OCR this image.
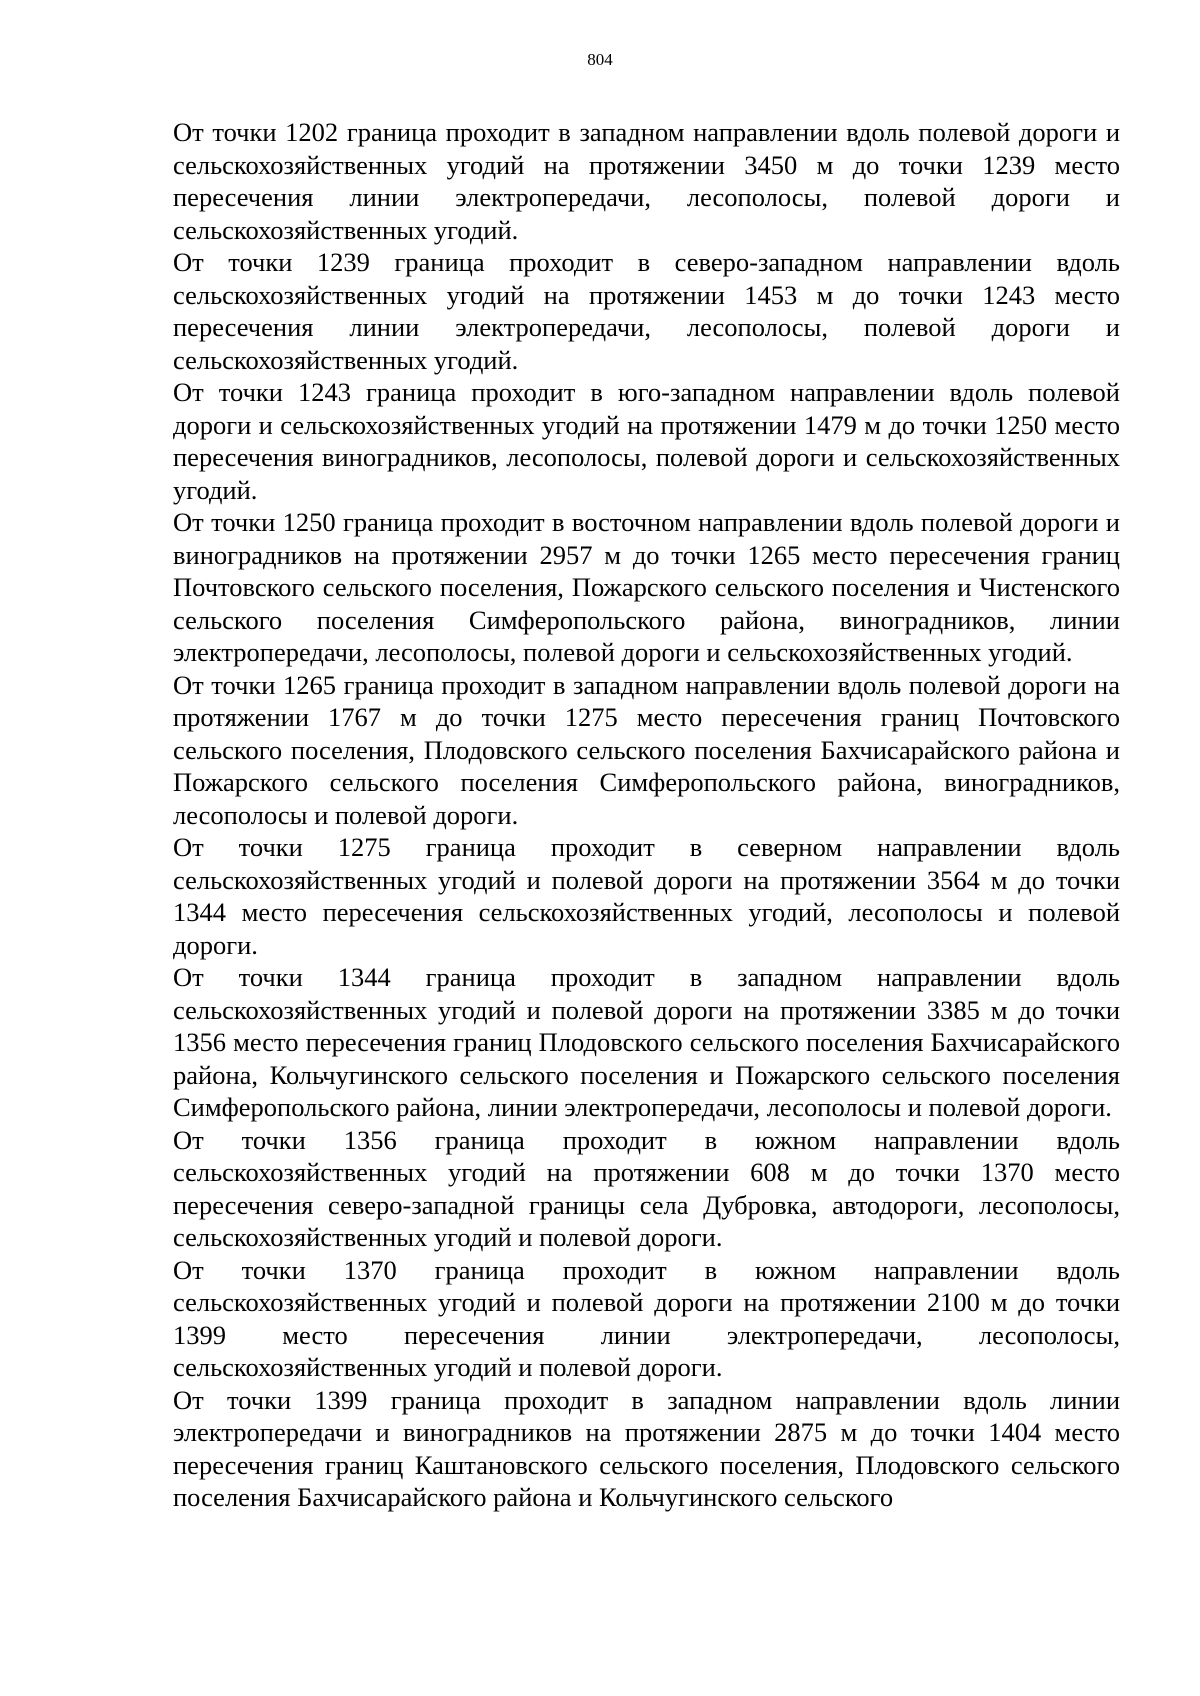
804

От точки 1202 граница проходит в западном направлении вдоль полевой дороги и сельскохозяйственных угодий на протяжении 3450 м до точки 1239 место пересечения линии электропередачи, лесополосы, полевой дороги и сельскохозяйственных угодий.

От точки 1239 граница проходит в северо-западном направлении вдоль сельскохозяйственных угодий на протяжении 1453 м до точки 1243 место пересечения линии электропередачи, лесополосы, полевой дороги и сельскохозяйственных угодий.

От точки 1243 граница проходит в юго-западном направлении вдоль полевой дороги и сельскохозяйственных угодий на протяжении 1479 м до точки 1250 место пересечения виноградников, лесополосы, полевой дороги и сельскохозяйственных угодий.

От точки 1250 граница проходит в восточном направлении вдоль полевой дороги и виноградников на протяжении 2957 м до точки 1265 место пересечения границ Почтовского сельского поселения, Пожарского сельского поселения и Чистенского сельского поселения Симферопольского района, виноградников, линии электропередачи, лесополосы, полевой дороги и сельскохозяйственных угодий.

От точки 1265 граница проходит в западном направлении вдоль полевой дороги на протяжении 1767 м до точки 1275 место пересечения границ Почтовского сельского поселения, Плодовского сельского поселения Бахчисарайского района и Пожарского сельского поселения Симферопольского района, виноградников, лесополосы и полевой дороги.

От точки 1275 граница проходит в северном направлении вдоль сельскохозяйственных угодий и полевой дороги на протяжении 3564 м до точки 1344 место пересечения сельскохозяйственных угодий, лесополосы и полевой дороги.

От точки 1344 граница проходит в западном направлении вдоль сельскохозяйственных угодий и полевой дороги на протяжении 3385 м до точки 1356 место пересечения границ Плодовского сельского поселения Бахчисарайского района, Кольчугинского сельского поселения и Пожарского сельского поселения Симферопольского района, линии электропередачи, лесополосы и полевой дороги.

От точки 1356 граница проходит в южном направлении вдоль сельскохозяйственных угодий на протяжении 608 м до точки 1370 место пересечения северо-западной границы села Дубровка, автодороги, лесополосы, сельскохозяйственных угодий и полевой дороги.

От точки 1370 граница проходит в южном направлении вдоль сельскохозяйственных угодий и полевой дороги на протяжении 2100 м до точки 1399 место пересечения линии электропередачи, лесополосы, сельскохозяйственных угодий и полевой дороги.

От точки 1399 граница проходит в западном направлении вдоль линии электропередачи и виноградников на протяжении 2875 м до точки 1404 место пересечения границ Каштановского сельского поселения, Плодовского сельского поселения Бахчисарайского района и Кольчугинского сельского
